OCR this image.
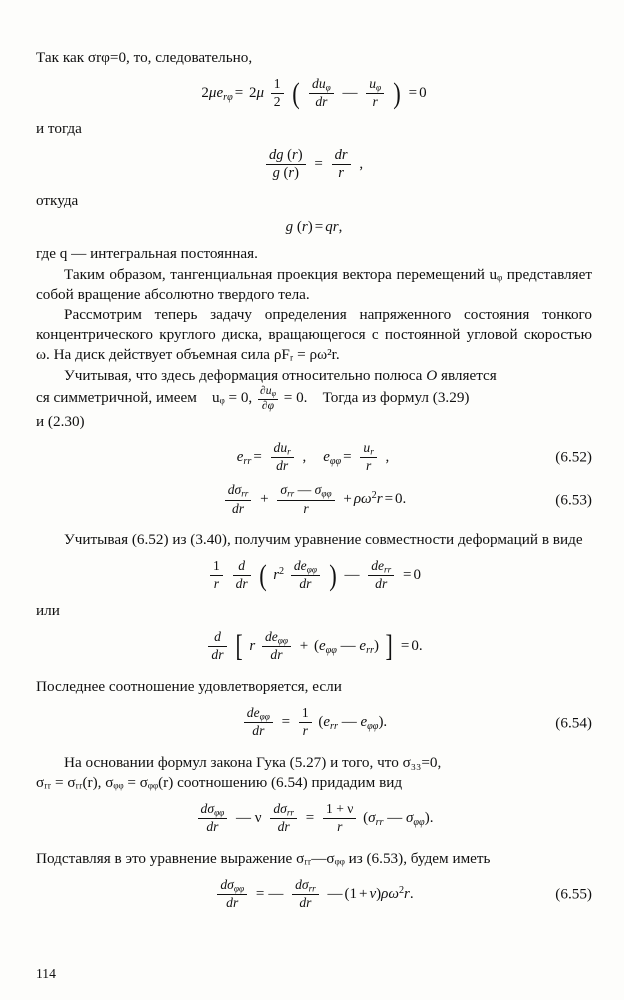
Так как σ​rφ=0, то, следовательно,

$2\mu e_{r\varphi} = 2\mu \frac{1}{2}$ ( $\frac{du_\varphi}{dr}$ — $\frac{u_\varphi}{r}$ ) = 0

и тогда

$\frac{dg (r)}{g (r)} = \frac{dr}{r}$ ,

откуда

g (r) = qr,

где q — интегральная постоянная.

Таким образом, тангенциальная проекция вектора перемещений uᵩ представляет собой вращение абсолютно твердого тела.

Рассмотрим теперь задачу определения напряженного состояния тонкого концентрического круглого диска, вращающегося с постоянной угловой скоростью ω. На диск действует объемная сила ρFᵣ = ρω²r.

Учитывая, что здесь деформация относительно полюса O является

ся симметричной, имеем uᵩ = 0, $\frac{\partial u_\varphi}{\partial\varphi} = 0$. Тогда из формул (3.29)

и (2.30)

$e_{rr} = \frac{du_r}{dr}$ , $e_{\varphi\varphi} = \frac{u_r}{r}$ ,	(6.52)
$\frac{d\sigma_{rr}}{dr} + \frac{\sigma_{rr} — \sigma_{\varphi\varphi}}{r} + \rho\omega^2r = 0$.	(6.53)

Учитывая (6.52) из (3.40), получим уравнение совместности деформаций в виде

$\frac{1}{r}$
$\frac{d}{dr}$ ( $r^2 \frac{de_{\varphi\varphi}}{dr}$ ) — $\frac{de_{rr}}{dr} = 0$

или

$\frac{d}{dr}$ [ r $\frac{de_{\varphi\varphi}}{dr} + (e_{\varphi\varphi}$ — $e_{rr}$) ] = 0.

Последнее соотношение удовлетворяется, если

$\frac{de_{\varphi\varphi}}{dr} = \frac{1}{r} (e_{rr}$ — $e_{\varphi\varphi}$).	(6.54)

На основании формул закона Гука (5.27) и того, что σ₃₃=0,

σᵣᵣ = σᵣᵣ(r), σᵩᵩ = σᵩᵩ(r) соотношению (6.54) придадим вид

$\frac{d\sigma_{\varphi\varphi}}{dr}$ — ν $\frac{d\sigma_{rr}}{dr} = \frac{1 + \nu}{r} (\sigma_{rr}$ — $\sigma_{\varphi\varphi}$).

Подставляя в это уравнение выражение σᵣᵣ—σᵩᵩ из (6.53), будем иметь

$\frac{d\sigma_{\varphi\varphi}}{dr}$ = — $\frac{d\sigma_{rr}}{dr}$ — $(1 + \nu)\rho\omega^2r$.	(6.55)
114
